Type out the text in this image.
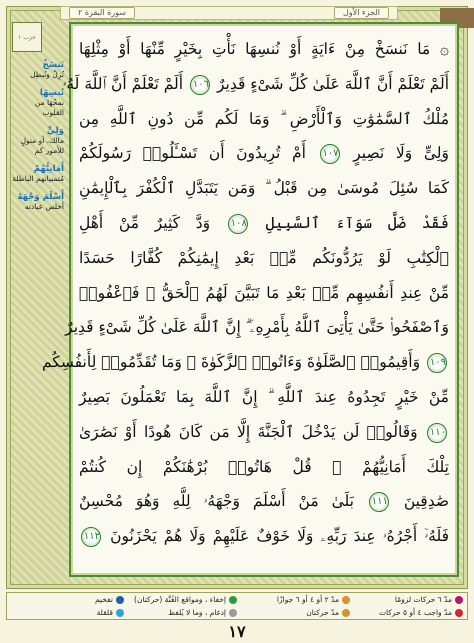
سورة البقرة ٢	الجزء الأول
حزب ١
نَنسَخْ
نُزِلْ ونُبطِل
نُنسِهَا
نمحُهَا من القلوب
وَلِيٍّ
مالك، أو متولٍ للأمور كم
أَمَانِيُّهُمْ
مُتمنياتهم الباطلة
أَسْلَمَ وَجْهَهُ
أخلص عبادته
۞ مَا نَنسَخْ مِنْ ءَايَةٍ أَوْ نُنسِهَا نَأْتِ بِخَيْرٍ مِّنْهَا أَوْ مِثْلِهَا
أَلَمْ تَعْلَمْ أَنَّ ٱللَّهَ عَلَىٰ كُلِّ شَىْءٍ قَدِيرٌ ١٠٦ أَلَمْ تَعْلَمْ أَنَّ ٱللَّهَ لَهُۥ
مُلْكُ ٱلسَّمَٰوَٰتِ وَٱلْأَرْضِ ۗ وَمَا لَكُم مِّن دُونِ ٱللَّهِ مِن
وَلِىٍّ وَلَا نَصِيرٍ ١٠٧ أَمْ تُرِيدُونَ أَن تَسْـَٔلُوا۟ رَسُولَكُمْ
كَمَا سُئِلَ مُوسَىٰ مِن قَبْلُ ۗ وَمَن يَتَبَدَّلِ ٱلْكُفْرَ بِٱلْإِيمَٰنِ
فَقَدْ ضَلَّ سَوَآءَ ٱلسَّبِيلِ ١٠٨ وَدَّ كَثِيرٌ مِّنْ أَهْلِ
ٱلْكِتَٰبِ لَوْ يَرُدُّونَكُم مِّنۢ بَعْدِ إِيمَٰنِكُمْ كُفَّارًا حَسَدًا
مِّنْ عِندِ أَنفُسِهِم مِّنۢ بَعْدِ مَا تَبَيَّنَ لَهُمُ ٱلْحَقُّ ۖ فَٱعْفُوا۟
وَٱصْفَحُوا۟ حَتَّىٰ يَأْتِىَ ٱللَّهُ بِأَمْرِهِۦٓ ۗ إِنَّ ٱللَّهَ عَلَىٰ كُلِّ شَىْءٍ قَدِيرٌ
١٠٩ وَأَقِيمُوا۟ ٱلصَّلَوٰةَ وَءَاتُوا۟ ٱلزَّكَوٰةَ ۚ وَمَا تُقَدِّمُوا۟ لِأَنفُسِكُم
مِّنْ خَيْرٍ تَجِدُوهُ عِندَ ٱللَّهِ ۗ إِنَّ ٱللَّهَ بِمَا تَعْمَلُونَ بَصِيرٌ
١١٠ وَقَالُوا۟ لَن يَدْخُلَ ٱلْجَنَّةَ إِلَّا مَن كَانَ هُودًا أَوْ نَصَٰرَىٰ
تِلْكَ أَمَانِيُّهُمْ ۗ قُلْ هَاتُوا۟ بُرْهَٰنَكُمْ إِن كُنتُمْ
صَٰدِقِينَ ١١١ بَلَىٰ مَنْ أَسْلَمَ وَجْهَهُۥ لِلَّهِ وَهُوَ مُحْسِنٌ
فَلَهُۥٓ أَجْرُهُۥ عِندَ رَبِّهِۦ وَلَا خَوْفٌ عَلَيْهِمْ وَلَا هُمْ يَحْزَنُونَ ١١٢
مدّ ٦ حركات لزومًا
مدّ ٢ أو ٤ أو ٦ جوازًا
إخفاء ، ومواقع الغُنَّة (حركتان)
تفخيم
مدّ واجب ٤ أو ٥ حركات
مدّ حركتان
إدغام ، وما لا يُلفظ
قلقلة
١٧
